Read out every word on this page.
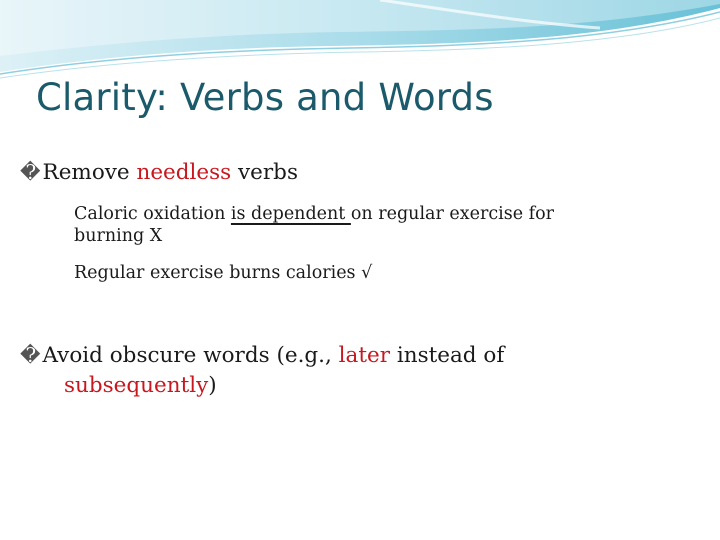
Clarity: Verbs and Words
�Remove needless verbs
Caloric oxidation is dependent on regular exercise for
burning X
Regular exercise burns calories √
�Avoid obscure words (e.g., later instead of
subsequently)
